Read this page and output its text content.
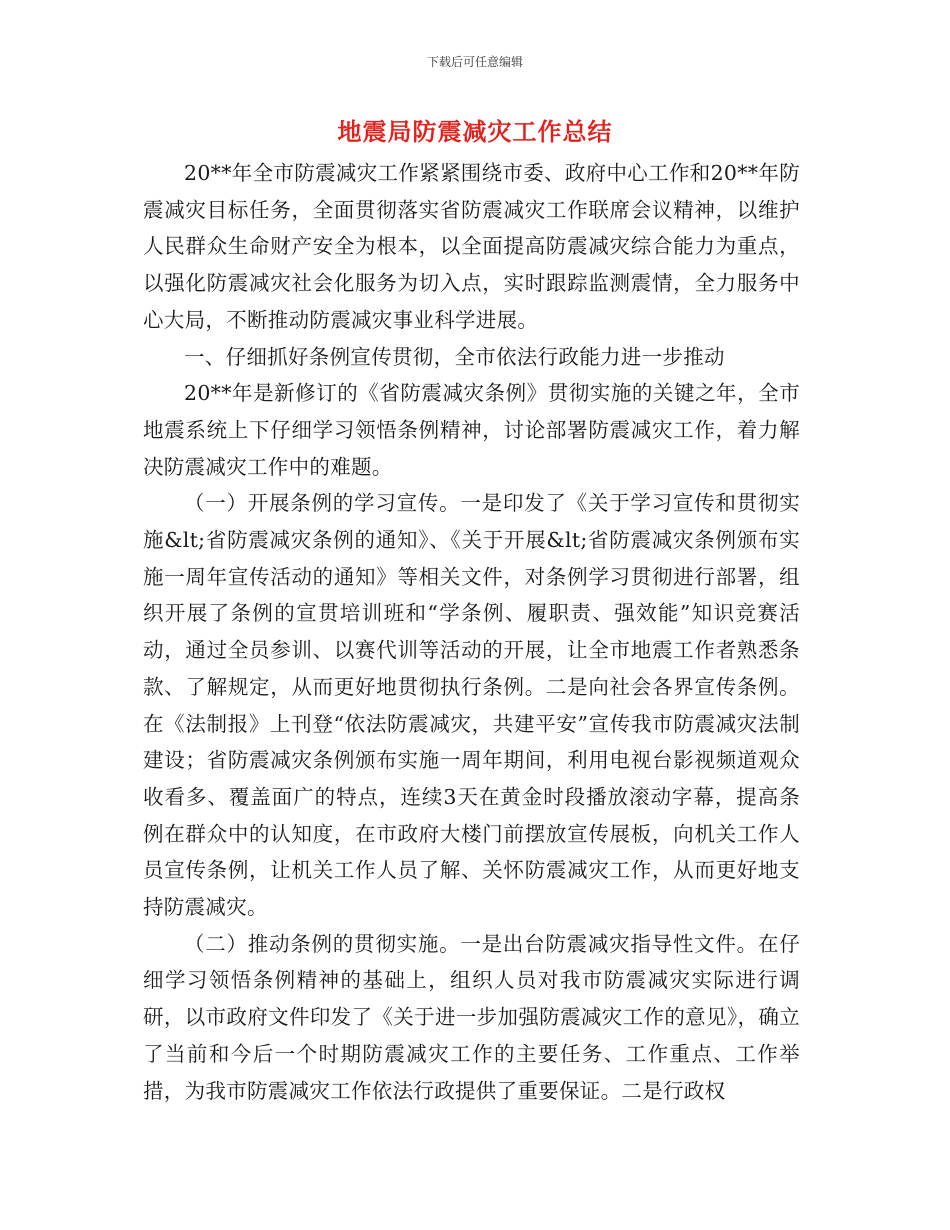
下载后可任意编辑
地震局防震减灾工作总结

20**年全市防震减灾工作紧紧围绕市委、政府中心工作和20**年防震减灾目标任务，全面贯彻落实省防震减灾工作联席会议精神，以维护人民群众生命财产安全为根本，以全面提高防震减灾综合能力为重点，以强化防震减灾社会化服务为切入点，实时跟踪监测震情，全力服务中心大局，不断推动防震减灾事业科学进展。

一、仔细抓好条例宣传贯彻，全市依法行政能力进一步推动

20**年是新修订的《省防震减灾条例》贯彻实施的关键之年，全市地震系统上下仔细学习领悟条例精神，讨论部署防震减灾工作，着力解决防震减灾工作中的难题。

（一）开展条例的学习宣传。一是印发了《关于学习宣传和贯彻实施&lt;省防震减灾条例的通知》、《关于开展&lt;省防震减灾条例颁布实施一周年宣传活动的通知》等相关文件，对条例学习贯彻进行部署，组织开展了条例的宣贯培训班和“学条例、履职责、强效能”知识竞赛活动，通过全员参训、以赛代训等活动的开展，让全市地震工作者熟悉条款、了解规定，从而更好地贯彻执行条例。二是向社会各界宣传条例。在《法制报》上刊登“依法防震减灾，共建平安”宣传我市防震减灾法制建设；省防震减灾条例颁布实施一周年期间，利用电视台影视频道观众收看多、覆盖面广的特点，连续3天在黄金时段播放滚动字幕，提高条例在群众中的认知度，在市政府大楼门前摆放宣传展板，向机关工作人员宣传条例，让机关工作人员了解、关怀防震减灾工作，从而更好地支持防震减灾。

（二）推动条例的贯彻实施。一是出台防震减灾指导性文件。在仔细学习领悟条例精神的基础上，组织人员对我市防震减灾实际进行调研，以市政府文件印发了《关于进一步加强防震减灾工作的意见》，确立了当前和今后一个时期防震减灾工作的主要任务、工作重点、工作举措，为我市防震减灾工作依法行政提供了重要保证。二是行政权
